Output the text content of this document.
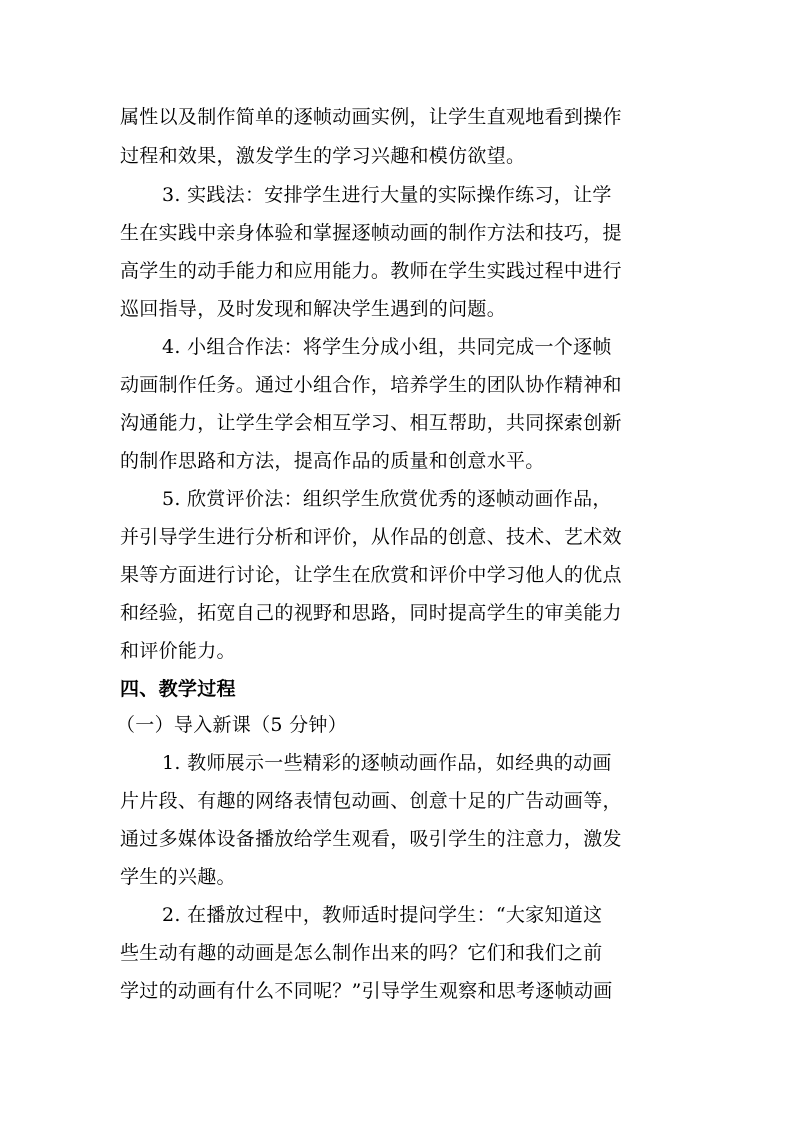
属性以及制作简单的逐帧动画实例，让学生直观地看到操作
过程和效果，激发学生的学习兴趣和模仿欲望。
3. 实践法：安排学生进行大量的实际操作练习，让学
生在实践中亲身体验和掌握逐帧动画的制作方法和技巧，提
高学生的动手能力和应用能力。教师在学生实践过程中进行
巡回指导，及时发现和解决学生遇到的问题。
4. 小组合作法：将学生分成小组，共同完成一个逐帧
动画制作任务。通过小组合作，培养学生的团队协作精神和
沟通能力，让学生学会相互学习、相互帮助，共同探索创新
的制作思路和方法，提高作品的质量和创意水平。
5. 欣赏评价法：组织学生欣赏优秀的逐帧动画作品，
并引导学生进行分析和评价，从作品的创意、技术、艺术效
果等方面进行讨论，让学生在欣赏和评价中学习他人的优点
和经验，拓宽自己的视野和思路，同时提高学生的审美能力
和评价能力。
四、教学过程
（一）导入新课（5 分钟）
1. 教师展示一些精彩的逐帧动画作品，如经典的动画
片片段、有趣的网络表情包动画、创意十足的广告动画等，
通过多媒体设备播放给学生观看，吸引学生的注意力，激发
学生的兴趣。
2. 在播放过程中，教师适时提问学生：“大家知道这
些生动有趣的动画是怎么制作出来的吗？它们和我们之前
学过的动画有什么不同呢？”引导学生观察和思考逐帧动画
